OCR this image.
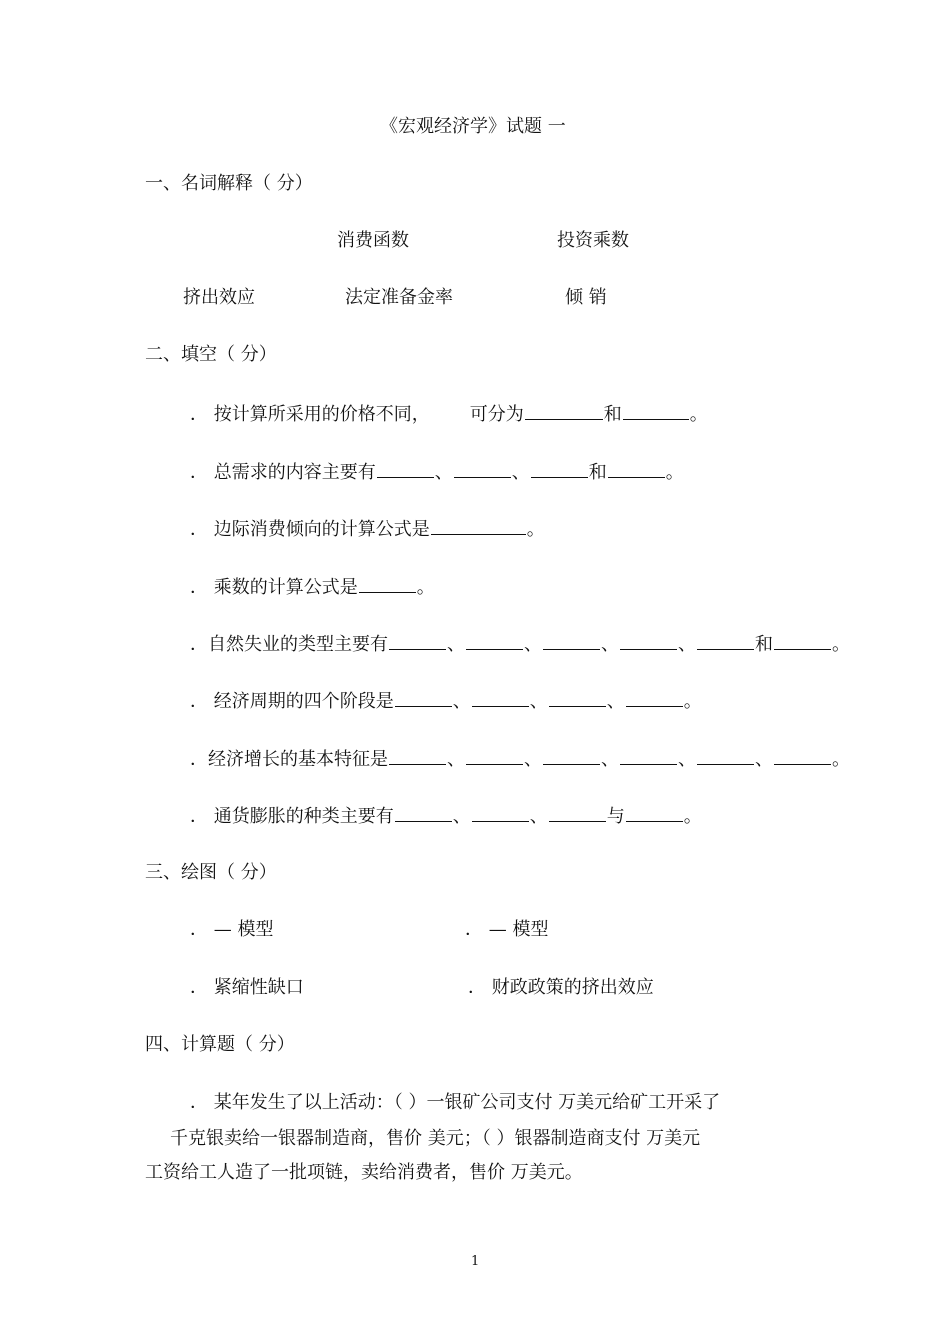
《宏观经济学》试题 一
一、名词解释（ 分）
消费函数	投资乘数
挤出效应	法定准备金率	倾 销
二、填空（ 分）
． 按计算所采用的价格不同， 可分为	和	。
． 总需求的内容主要有	、	、	和	。
． 边际消费倾向的计算公式是	。
． 乘数的计算公式是	。
．自然失业的类型主要有	、	、	、	、	和	。
． 经济周期的四个阶段是	、	、	、	。
．经济增长的基本特征是	、	、	、	、	、	。
． 通货膨胀的种类主要有	、	、	与	。
三、绘图（ 分）
． — 模型	． — 模型
． 紧缩性缺口	． 财政政策的挤出效应
四、计算题（ 分）
． 某年发生了以上活动：（ ）一银矿公司支付 万美元给矿工开采了
千克银卖给一银器制造商，售价 美元；（ ）银器制造商支付 万美元
工资给工人造了一批项链，卖给消费者，售价 万美元。
1
